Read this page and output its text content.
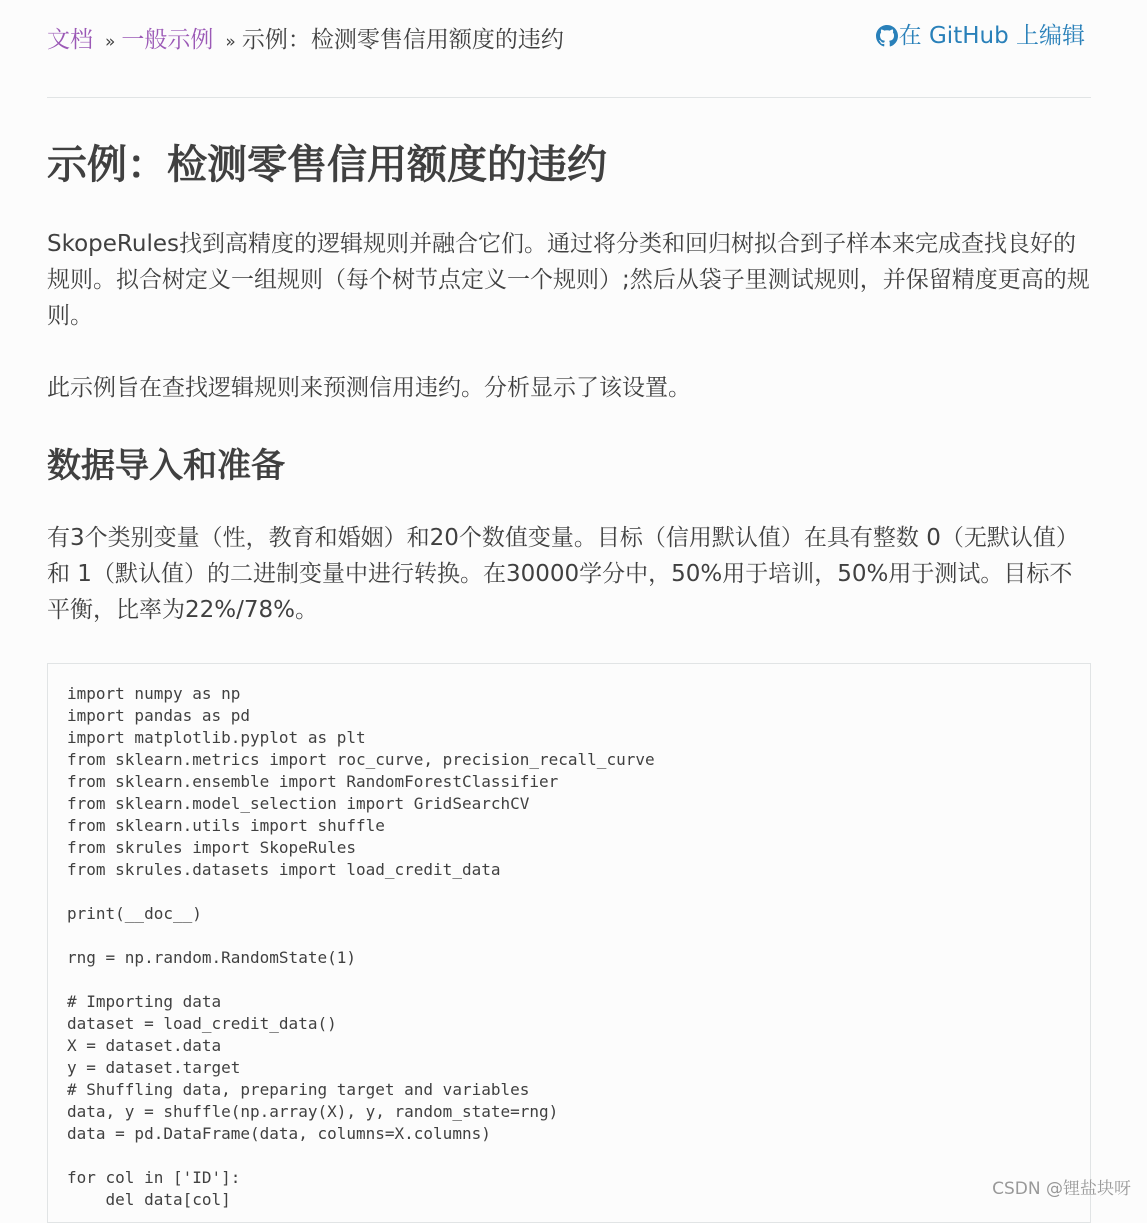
文档 » 一般示例 » 示例：检测零售信用额度的违约	在 GitHub 上编辑
示例：检测零售信用额度的违约

SkopeRules找到高精度的逻辑规则并融合它们。通过将分类和回归树拟合到子样本来完成查找良好的规则。拟合树定义一组规则（每个树节点定义一个规则）;然后从袋子里测试规则，并保留精度更高的规则。

此示例旨在查找逻辑规则来预测信用违约。分析显示了该设置。

数据导入和准备

有3个类别变量（性，教育和婚姻）和20个数值变量。目标（信用默认值）在具有整数 0（无默认值）和 1（默认值）的二进制变量中进行转换。在30000学分中，50%用于培训，50%用于测试。目标不平衡，比率为22%/78%。

import numpy as np
import pandas as pd
import matplotlib.pyplot as plt
from sklearn.metrics import roc_curve, precision_recall_curve
from sklearn.ensemble import RandomForestClassifier
from sklearn.model_selection import GridSearchCV
from sklearn.utils import shuffle
from skrules import SkopeRules
from skrules.datasets import load_credit_data
print(__doc__)
rng = np.random.RandomState(1)
# Importing data
dataset = load_credit_data()
X = dataset.data
y = dataset.target
# Shuffling data, preparing target and variables
data, y = shuffle(np.array(X), y, random_state=rng)
data = pd.DataFrame(data, columns=X.columns)
for col in ['ID']:
del data[col]
CSDN @锂盐块呀
